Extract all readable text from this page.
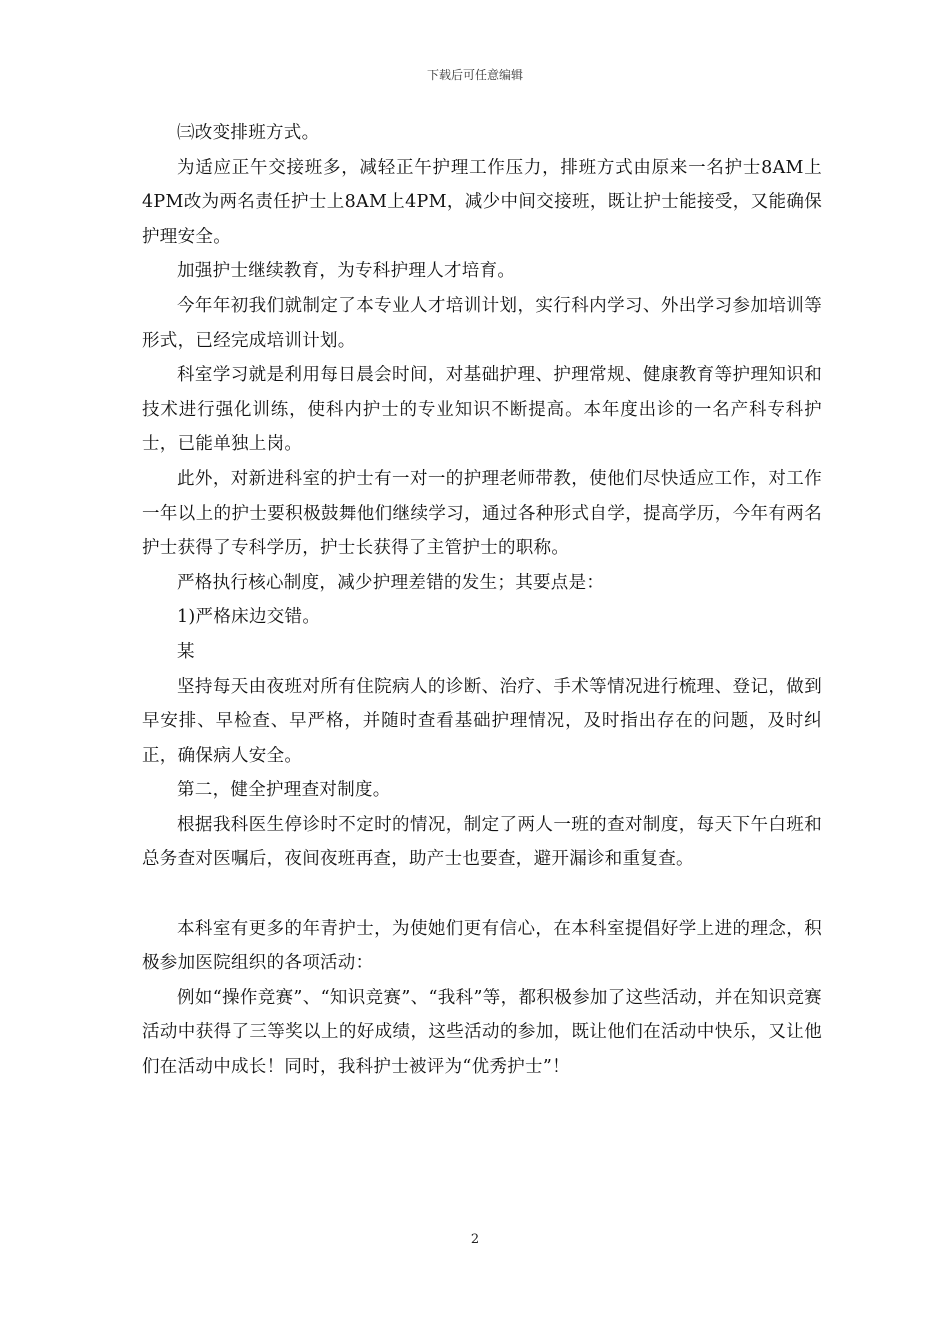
下载后可任意编辑

㈢改变排班方式。

为适应正午交接班多，减轻正午护理工作压力，排班方式由原来一名护士8AM上4PM改为两名责任护士上8AM上4PM，减少中间交接班，既让护士能接受，又能确保护理安全。

加强护士继续教育，为专科护理人才培育。

今年年初我们就制定了本专业人才培训计划，实行科内学习、外出学习参加培训等形式，已经完成培训计划。

科室学习就是利用每日晨会时间，对基础护理、护理常规、健康教育等护理知识和技术进行强化训练，使科内护士的专业知识不断提高。本年度出诊的一名产科专科护士，已能单独上岗。

此外，对新进科室的护士有一对一的护理老师带教，使他们尽快适应工作，对工作一年以上的护士要积极鼓舞他们继续学习，通过各种形式自学，提高学历，今年有两名护士获得了专科学历，护士长获得了主管护士的职称。

严格执行核心制度，减少护理差错的发生；其要点是：

1)严格床边交错。

某

坚持每天由夜班对所有住院病人的诊断、治疗、手术等情况进行梳理、登记，做到早安排、早检查、早严格，并随时查看基础护理情况，及时指出存在的问题，及时纠正，确保病人安全。

第二，健全护理查对制度。

根据我科医生停诊时不定时的情况，制定了两人一班的查对制度，每天下午白班和总务查对医嘱后，夜间夜班再查，助产士也要查，避开漏诊和重复查。

本科室有更多的年青护士，为使她们更有信心，在本科室提倡好学上进的理念，积极参加医院组织的各项活动：

例如“操作竞赛”、“知识竞赛”、“我科”等，都积极参加了这些活动，并在知识竞赛活动中获得了三等奖以上的好成绩，这些活动的参加，既让他们在活动中快乐，又让他们在活动中成长！同时，我科护士被评为“优秀护士”！

2
